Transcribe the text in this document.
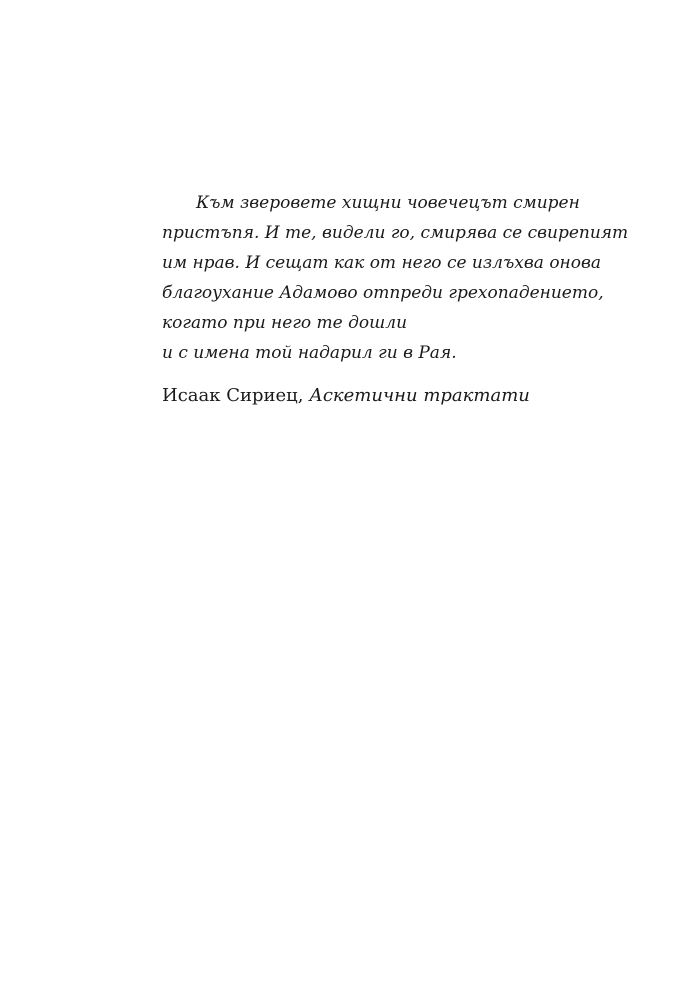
Към зверовете хищни човечецът смирен
пристъпя. И те, видели го, смирява се свирепият
им нрав. И сещат как от него се излъхва онова
благоухание Адамово отпреди грехопадението,
когато при него те дошли
и с имена той надарил ги в Рая.

Исаак Сириец, Аскетични трактати
